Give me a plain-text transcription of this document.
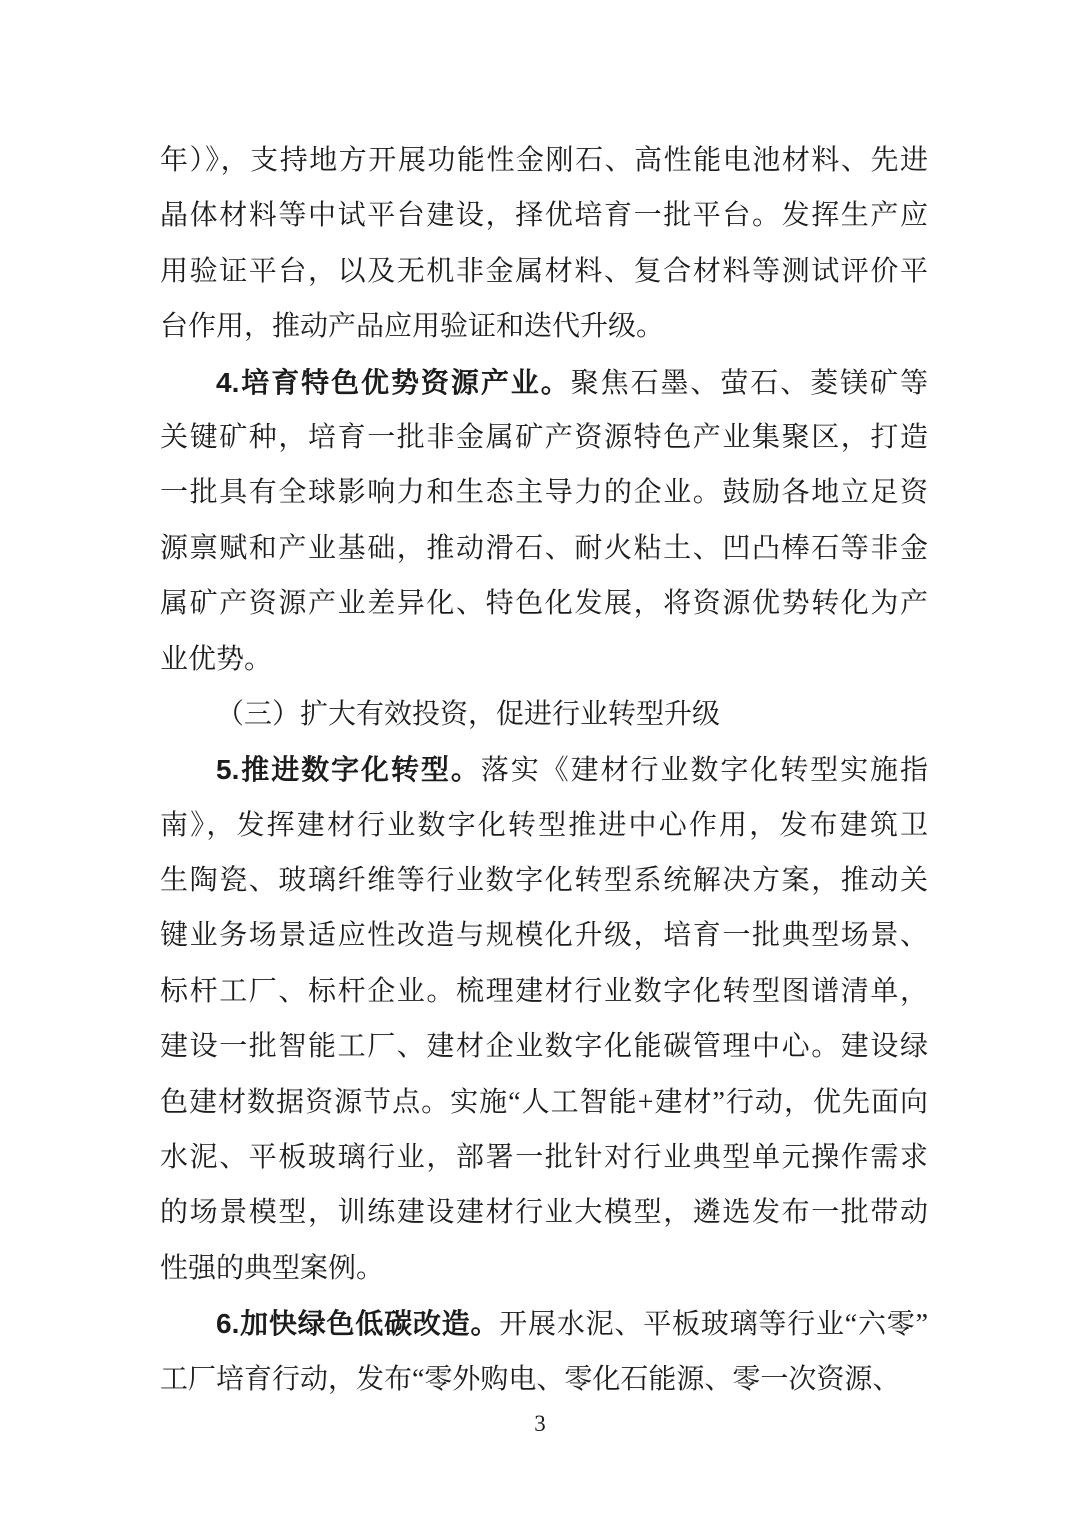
年）》，支持地方开展功能性金刚石、高性能电池材料、先进
晶体材料等中试平台建设，择优培育一批平台。发挥生产应
用验证平台，以及无机非金属材料、复合材料等测试评价平
台作用，推动产品应用验证和迭代升级。
4.培育特色优势资源产业。聚焦石墨、萤石、菱镁矿等
关键矿种，培育一批非金属矿产资源特色产业集聚区，打造
一批具有全球影响力和生态主导力的企业。鼓励各地立足资
源禀赋和产业基础，推动滑石、耐火粘土、凹凸棒石等非金
属矿产资源产业差异化、特色化发展，将资源优势转化为产
业优势。
（三）扩大有效投资，促进行业转型升级
5.推进数字化转型。落实《建材行业数字化转型实施指
南》，发挥建材行业数字化转型推进中心作用，发布建筑卫
生陶瓷、玻璃纤维等行业数字化转型系统解决方案，推动关
键业务场景适应性改造与规模化升级，培育一批典型场景、
标杆工厂、标杆企业。梳理建材行业数字化转型图谱清单，
建设一批智能工厂、建材企业数字化能碳管理中心。建设绿
色建材数据资源节点。实施“人工智能+建材”行动，优先面向
水泥、平板玻璃行业，部署一批针对行业典型单元操作需求
的场景模型，训练建设建材行业大模型，遴选发布一批带动
性强的典型案例。
6.加快绿色低碳改造。开展水泥、平板玻璃等行业“六零”
工厂培育行动，发布“零外购电、零化石能源、零一次资源、
3
